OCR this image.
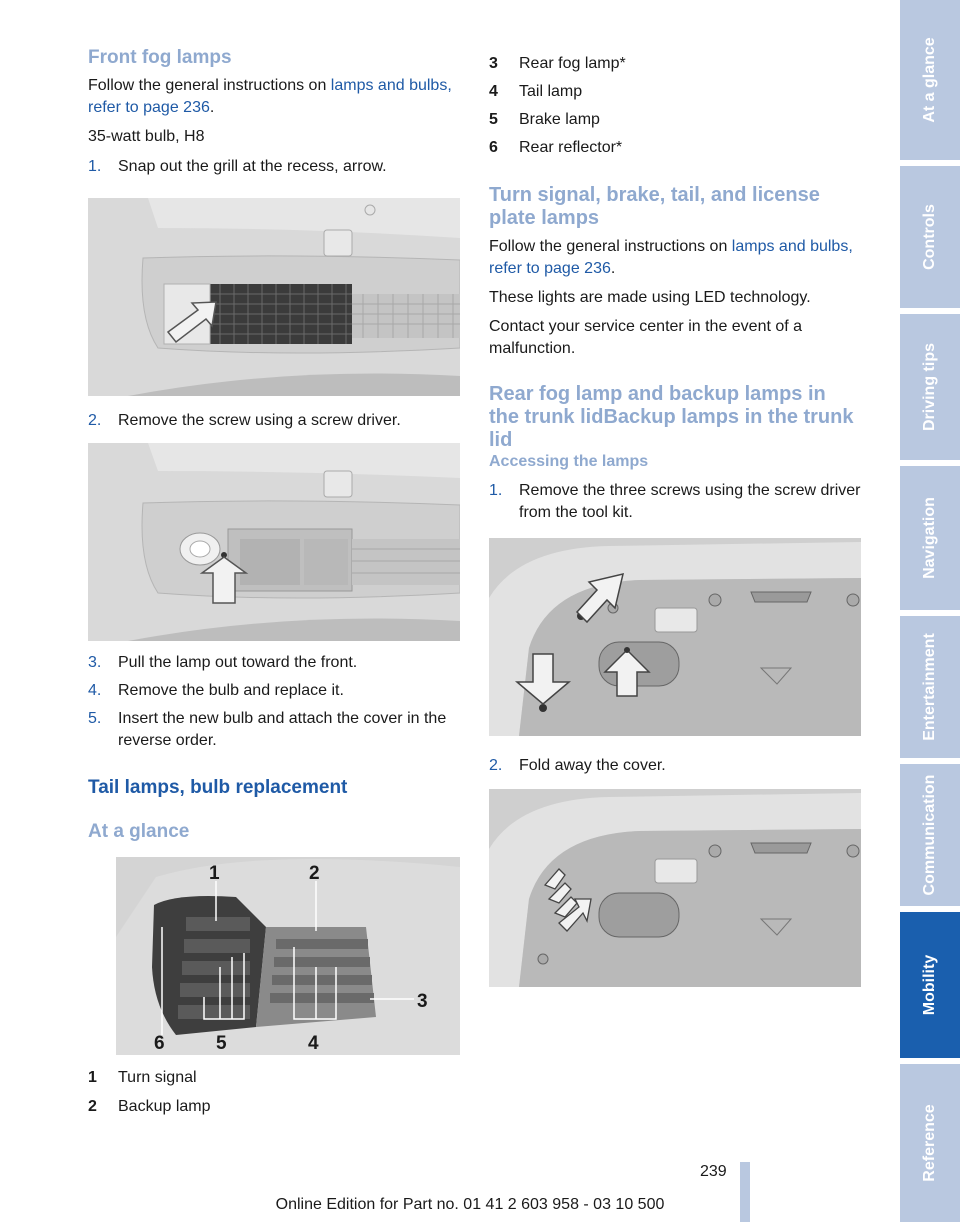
Front fog lamps

Follow the general instructions on lamps and bulbs, refer to page 236.

35-watt bulb, H8

1.	Snap out the grill at the recess, arrow.
2.	Remove the screw using a screw driver.
3.	Pull the lamp out toward the front.
4.	Remove the bulb and replace it.
5.	Insert the new bulb and attach the cover in the reverse order.
Tail lamps, bulb replacement
At a glance
1	2
3
4
5
6
1	Turn signal
2	Backup lamp
3	Rear fog lamp*
4	Tail lamp
5	Brake lamp
6	Rear reflector*
Turn signal, brake, tail, and license plate lamps

Follow the general instructions on lamps and bulbs, refer to page 236.

These lights are made using LED technology.

Contact your service center in the event of a malfunction.

Rear fog lamp and backup lamps in the trunk lidBackup lamps in the trunk lid
Accessing the lamps
1.	Remove the three screws using the screw driver from the tool kit.
2.	Fold away the cover.
At a glance
Controls
Driving tips
Navigation
Entertainment
Communication
Mobility
Reference
239
Online Edition for Part no. 01 41 2 603 958 - 03 10 500
